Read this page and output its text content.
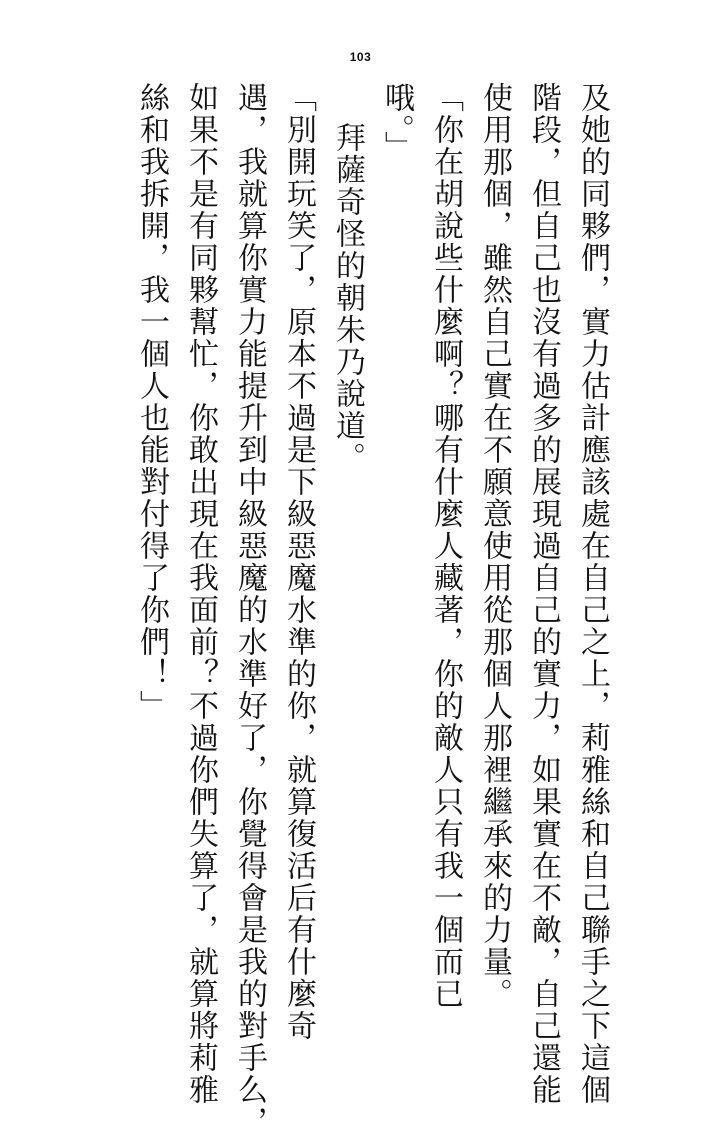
103
及她的同夥們，實力估計應該處在自己之上，莉雅絲和自己聯手之下這個
階段，但自己也沒有過多的展現過自己的實力，如果實在不敵，自己還能
使用那個，雖然自己實在不願意使用從那個人那裡繼承來的力量。
「你在胡說些什麼啊？哪有什麼人藏著，你的敵人只有我一個而已
哦。」
拜薩奇怪的朝朱乃說道。
「別開玩笑了，原本不過是下級惡魔水準的你，就算復活后有什麼奇
遇，我就算你實力能提升到中級惡魔的水準好了，你覺得會是我的對手么，
如果不是有同夥幫忙，你敢出現在我面前？不過你們失算了，就算將莉雅
絲和我拆開，我一個人也能對付得了你們！」
